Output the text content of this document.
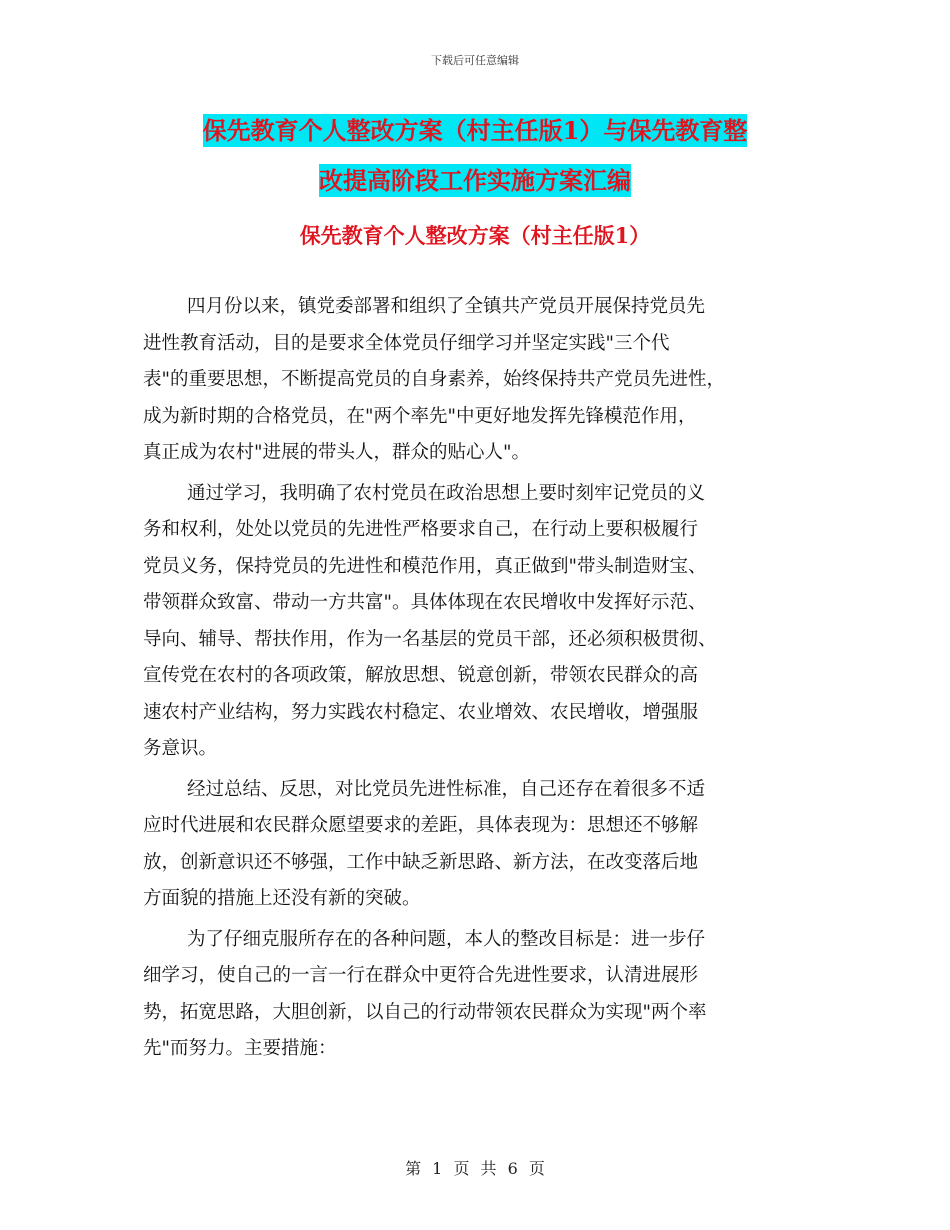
下载后可任意编辑
保先教育个人整改方案（村主任版1）与保先教育整
改提高阶段工作实施方案汇编
保先教育个人整改方案（村主任版1）
四月份以来，镇党委部署和组织了全镇共产党员开展保持党员先
进性教育活动，目的是要求全体党员仔细学习并坚定实践"三个代
表"的重要思想，不断提高党员的自身素养，始终保持共产党员先进性，
成为新时期的合格党员，在"两个率先"中更好地发挥先锋模范作用，
真正成为农村"进展的带头人，群众的贴心人"。
通过学习，我明确了农村党员在政治思想上要时刻牢记党员的义
务和权利，处处以党员的先进性严格要求自己，在行动上要积极履行
党员义务，保持党员的先进性和模范作用，真正做到"带头制造财宝、
带领群众致富、带动一方共富"。具体体现在农民增收中发挥好示范、
导向、辅导、帮扶作用，作为一名基层的党员干部，还必须积极贯彻、
宣传党在农村的各项政策，解放思想、锐意创新，带领农民群众的高
速农村产业结构，努力实践农村稳定、农业增效、农民增收，增强服
务意识。
经过总结、反思，对比党员先进性标准，自己还存在着很多不适
应时代进展和农民群众愿望要求的差距，具体表现为：思想还不够解
放，创新意识还不够强，工作中缺乏新思路、新方法，在改变落后地
方面貌的措施上还没有新的突破。
为了仔细克服所存在的各种问题，本人的整改目标是：进一步仔
细学习，使自己的一言一行在群众中更符合先进性要求，认清进展形
势，拓宽思路，大胆创新，以自己的行动带领农民群众为实现"两个率
先"而努力。主要措施：
第 1 页 共 6 页
